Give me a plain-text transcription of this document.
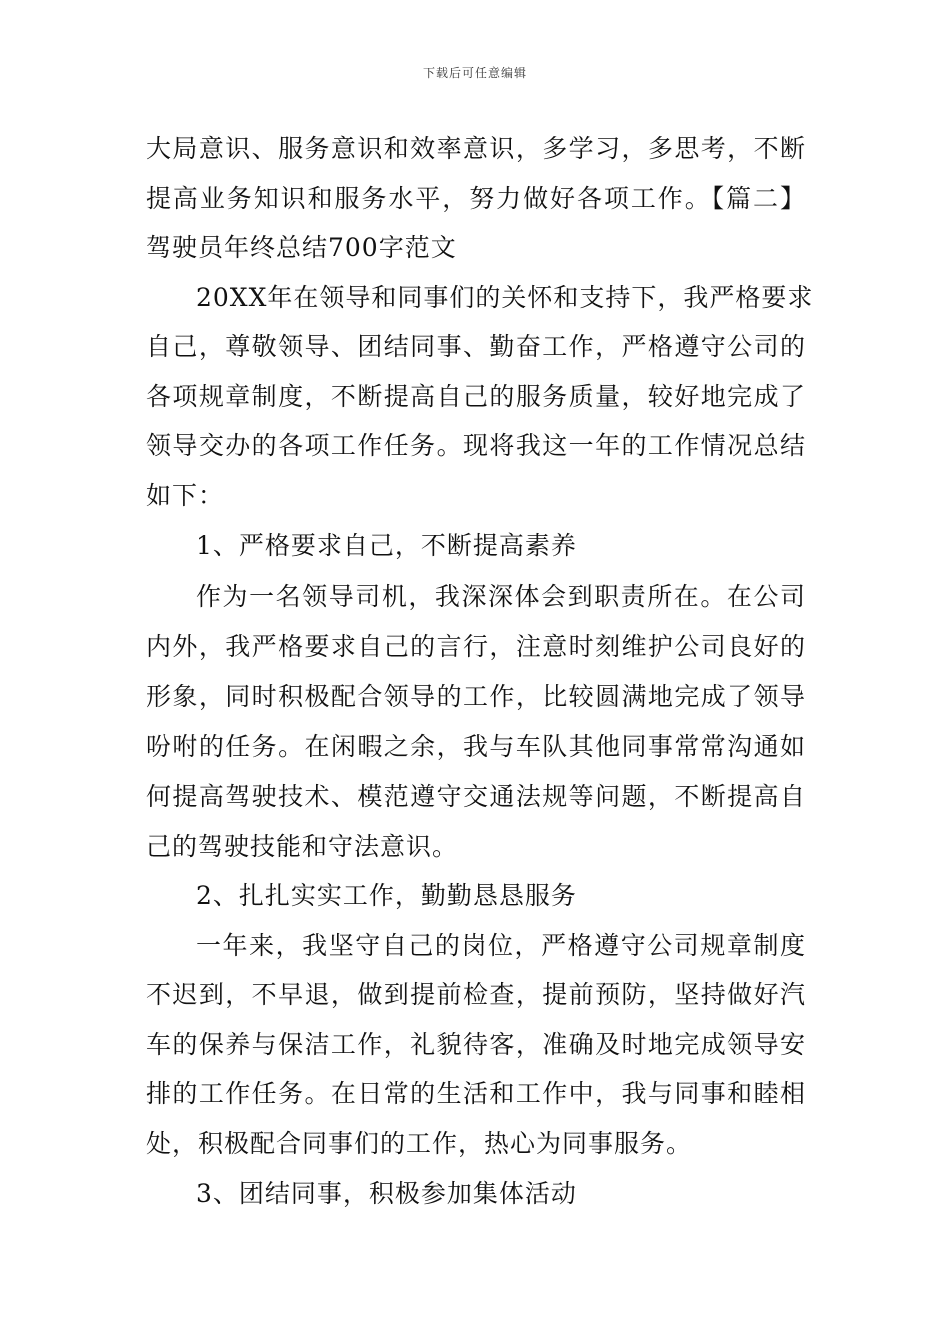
下载后可任意编辑
大局意识、服务意识和效率意识，多学习，多思考，不断
提高业务知识和服务水平，努力做好各项工作。【篇二】
驾驶员年终总结700字范文
20XX年在领导和同事们的关怀和支持下，我严格要求
自己，尊敬领导、团结同事、勤奋工作，严格遵守公司的
各项规章制度，不断提高自己的服务质量，较好地完成了
领导交办的各项工作任务。现将我这一年的工作情况总结
如下：
1、严格要求自己，不断提高素养
作为一名领导司机，我深深体会到职责所在。在公司
内外，我严格要求自己的言行，注意时刻维护公司良好的
形象，同时积极配合领导的工作，比较圆满地完成了领导
吩咐的任务。在闲暇之余，我与车队其他同事常常沟通如
何提高驾驶技术、模范遵守交通法规等问题，不断提高自
己的驾驶技能和守法意识。
2、扎扎实实工作，勤勤恳恳服务
一年来，我坚守自己的岗位，严格遵守公司规章制度
不迟到，不早退，做到提前检查，提前预防，坚持做好汽
车的保养与保洁工作，礼貌待客，准确及时地完成领导安
排的工作任务。在日常的生活和工作中，我与同事和睦相
处，积极配合同事们的工作，热心为同事服务。
3、团结同事，积极参加集体活动
